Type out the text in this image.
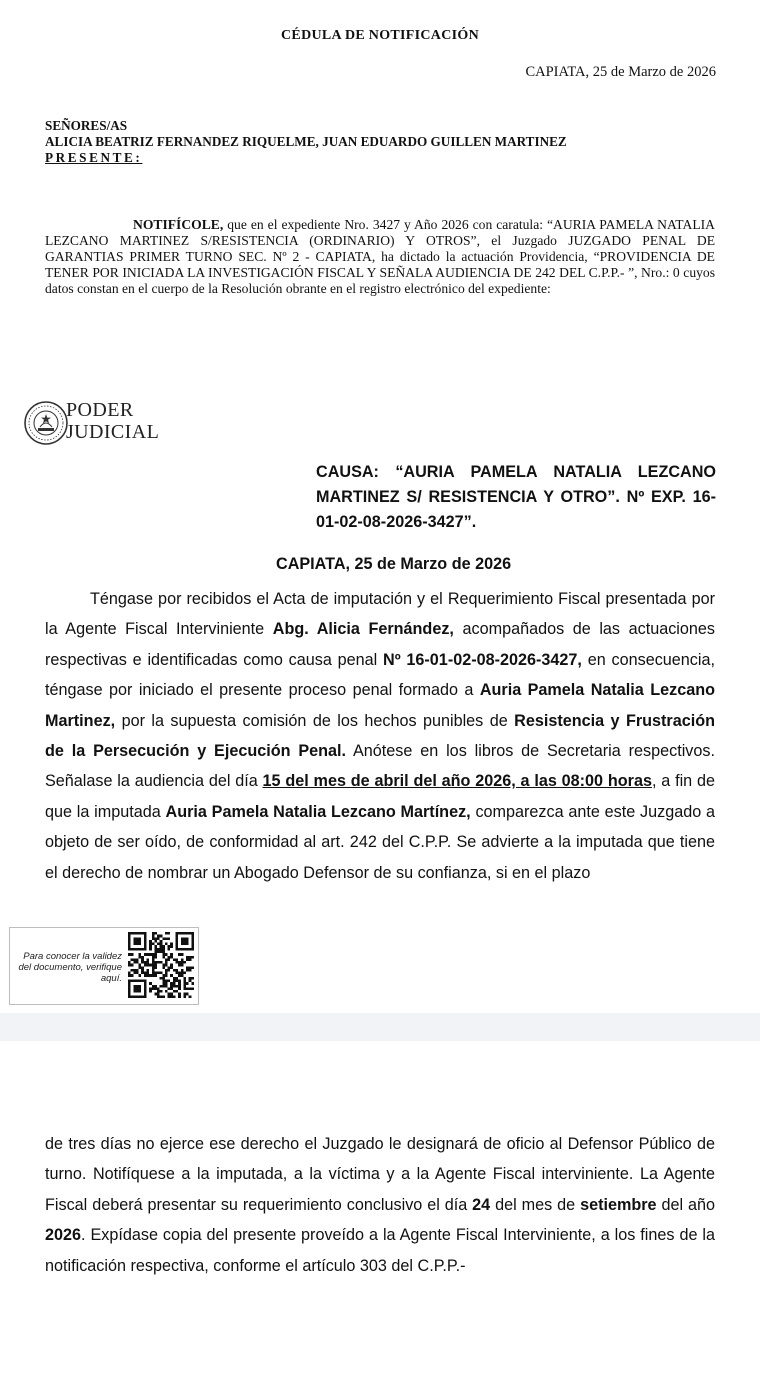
CÉDULA DE NOTIFICACIÓN
CAPIATA, 25 de Marzo de 2026
SEÑORES/AS
ALICIA BEATRIZ FERNANDEZ RIQUELME, JUAN EDUARDO GUILLEN MARTINEZ
PRESENTE:
NOTIFÍCOLE, que en el expediente Nro. 3427 y Año 2026 con caratula: “AURIA PAMELA NATALIA LEZCANO MARTINEZ S/RESISTENCIA (ORDINARIO) Y OTROS”, el Juzgado JUZGADO PENAL DE GARANTIAS PRIMER TURNO SEC. Nº 2 - CAPIATA, ha dictado la actuación Providencia, “PROVIDENCIA DE TENER POR INICIADA LA INVESTIGACIÓN FISCAL Y SEÑALA AUDIENCIA DE 242 DEL C.P.P.- ”, Nro.: 0 cuyos datos constan en el cuerpo de la Resolución obrante en el registro electrónico del expediente:
PODER
JUDICIAL
CAUSA: “AURIA PAMELA NATALIA LEZCANO MARTINEZ S/ RESISTENCIA Y OTRO”. Nº EXP. 16-01-02-08-2026-3427”.
CAPIATA, 25 de Marzo de 2026
Téngase por recibidos el Acta de imputación y el Requerimiento Fiscal presentada por la Agente Fiscal Interviniente Abg. Alicia Fernández, acompañados de las actuaciones respectivas e identificadas como causa penal Nº 16-01-02-08-2026-3427, en consecuencia, téngase por iniciado el presente proceso penal formado a Auria Pamela Natalia Lezcano Martinez, por la supuesta comisión de los hechos punibles de Resistencia y Frustración de la Persecución y Ejecución Penal. Anótese en los libros de Secretaria respectivos. Señalase la audiencia del día 15 del mes de abril del año 2026, a las 08:00 horas, a fin de que la imputada Auria Pamela Natalia Lezcano Martínez, comparezca ante este Juzgado a objeto de ser oído, de conformidad al art. 242 del C.P.P. Se advierte a la imputada que tiene el derecho de nombrar un Abogado Defensor de su confianza, si en el plazo
Para conocer la validez del documento, verifique aquí.
de tres días no ejerce ese derecho el Juzgado le designará de oficio al Defensor Público de turno. Notifíquese a la imputada, a la víctima y a la Agente Fiscal interviniente. La Agente Fiscal deberá presentar su requerimiento conclusivo el día 24 del mes de setiembre del año 2026. Expídase copia del presente proveído a la Agente Fiscal Interviniente, a los fines de la notificación respectiva, conforme el artículo 303 del C.P.P.-
